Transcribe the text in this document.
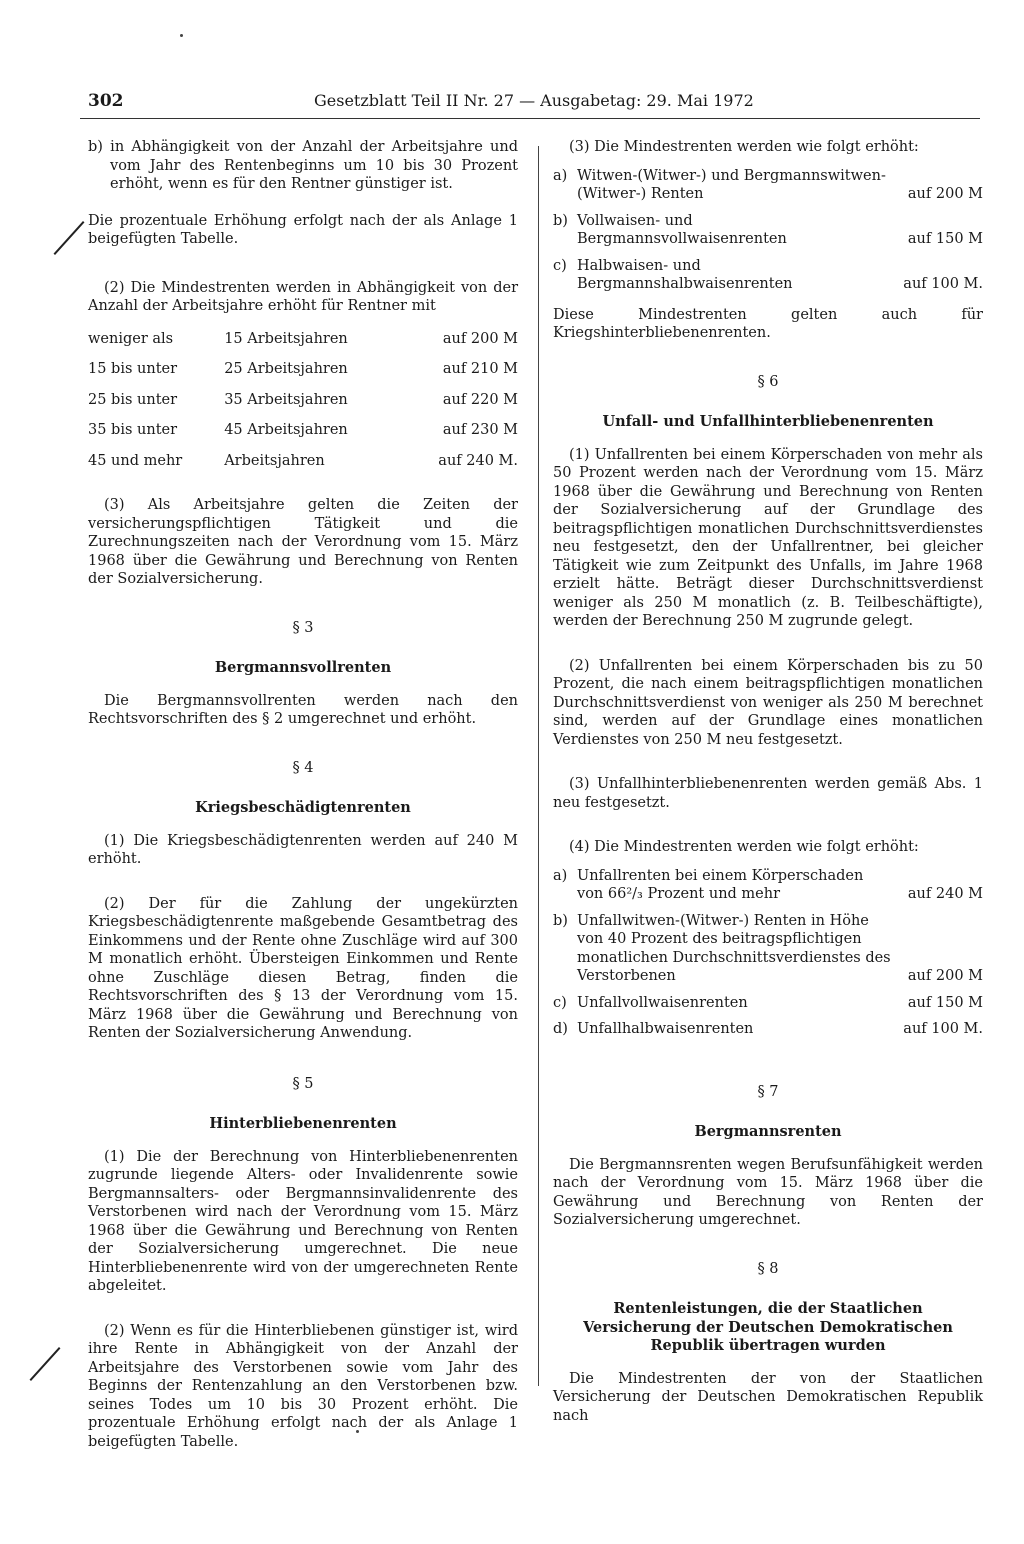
302	Gesetzblatt Teil II Nr. 27 — Ausgabetag: 29. Mai 1972

b) in Abhängigkeit von der Anzahl der Arbeitsjahre und vom Jahr des Rentenbeginns um 10 bis 30 Prozent erhöht, wenn es für den Rentner günstiger ist.

Die prozentuale Erhöhung erfolgt nach der als Anlage 1 beigefügten Tabelle.

(2) Die Mindestrenten werden in Abhängigkeit von der Anzahl der Arbeitsjahre erhöht für Rentner mit

weniger als	15 Arbeitsjahren	auf 200 M
15 bis unter	25 Arbeitsjahren	auf 210 M
25 bis unter	35 Arbeitsjahren	auf 220 M
35 bis unter	45 Arbeitsjahren	auf 230 M
45 und mehr	Arbeitsjahren	auf 240 M.

(3) Als Arbeitsjahre gelten die Zeiten der versicherungspflichtigen Tätigkeit und die Zurechnungszeiten nach der Verordnung vom 15. März 1968 über die Gewährung und Berechnung von Renten der Sozialversicherung.

§ 3

Bergmannsvollrenten

Die Bergmannsvollrenten werden nach den Rechtsvorschriften des § 2 umgerechnet und erhöht.

§ 4

Kriegsbeschädigtenrenten

(1) Die Kriegsbeschädigtenrenten werden auf 240 M erhöht.

(2) Der für die Zahlung der ungekürzten Kriegsbeschädigtenrente maßgebende Gesamtbetrag des Einkommens und der Rente ohne Zuschläge wird auf 300 M monatlich erhöht. Übersteigen Einkommen und Rente ohne Zuschläge diesen Betrag, finden die Rechtsvorschriften des § 13 der Verordnung vom 15. März 1968 über die Gewährung und Berechnung von Renten der Sozialversicherung Anwendung.

§ 5

Hinterbliebenenrenten

(1) Die der Berechnung von Hinterbliebenenrenten zugrunde liegende Alters- oder Invalidenrente sowie Bergmannsalters- oder Bergmannsinvalidenrente des Verstorbenen wird nach der Verordnung vom 15. März 1968 über die Gewährung und Berechnung von Renten der Sozialversicherung umgerechnet. Die neue Hinterbliebenenrente wird von der umgerechneten Rente abgeleitet.

(2) Wenn es für die Hinterbliebenen günstiger ist, wird ihre Rente in Abhängigkeit von der Anzahl der Arbeitsjahre des Verstorbenen sowie vom Jahr des Beginns der Rentenzahlung an den Verstorbenen bzw. seines Todes um 10 bis 30 Prozent erhöht. Die prozentuale Erhöhung erfolgt nach der als Anlage 1 beigefügten Tabelle.

(3) Die Mindestrenten werden wie folgt erhöht:

a)	Witwen-(Witwer-) und Bergmannswitwen-(Witwer-) Renten	auf 200 M
b)	Vollwaisen- und Bergmannsvollwaisenrenten	auf 150 M
c)	Halbwaisen- und Bergmannshalbwaisenrenten	auf 100 M.

Diese Mindestrenten gelten auch für Kriegshinterbliebenenrenten.

§ 6

Unfall- und Unfallhinterbliebenenrenten

(1) Unfallrenten bei einem Körperschaden von mehr als 50 Prozent werden nach der Verordnung vom 15. März 1968 über die Gewährung und Berechnung von Renten der Sozialversicherung auf der Grundlage des beitragspflichtigen monatlichen Durchschnittsverdienstes neu festgesetzt, den der Unfallrentner, bei gleicher Tätigkeit wie zum Zeitpunkt des Unfalls, im Jahre 1968 erzielt hätte. Beträgt dieser Durchschnittsverdienst weniger als 250 M monatlich (z. B. Teilbeschäftigte), werden der Berechnung 250 M zugrunde gelegt.

(2) Unfallrenten bei einem Körperschaden bis zu 50 Prozent, die nach einem beitragspflichtigen monatlichen Durchschnittsverdienst von weniger als 250 M berechnet sind, werden auf der Grundlage eines monatlichen Verdienstes von 250 M neu festgesetzt.

(3) Unfallhinterbliebenenrenten werden gemäß Abs. 1 neu festgesetzt.

(4) Die Mindestrenten werden wie folgt erhöht:

a)	Unfallrenten bei einem Körperschaden von 66²/₃ Prozent und mehr	auf 240 M
b)	Unfallwitwen-(Witwer-) Renten in Höhe von 40 Prozent des beitragspflichtigen monatlichen Durchschnittsverdienstes des Verstorbenen	auf 200 M
c)	Unfallvollwaisenrenten	auf 150 M
d)	Unfallhalbwaisenrenten	auf 100 M.

§ 7

Bergmannsrenten

Die Bergmannsrenten wegen Berufsunfähigkeit werden nach der Verordnung vom 15. März 1968 über die Gewährung und Berechnung von Renten der Sozialversicherung umgerechnet.

§ 8

Rentenleistungen, die der Staatlichen Versicherung der Deutschen Demokratischen Republik übertragen wurden

Die Mindestrenten der von der Staatlichen Versicherung der Deutschen Demokratischen Republik nach
